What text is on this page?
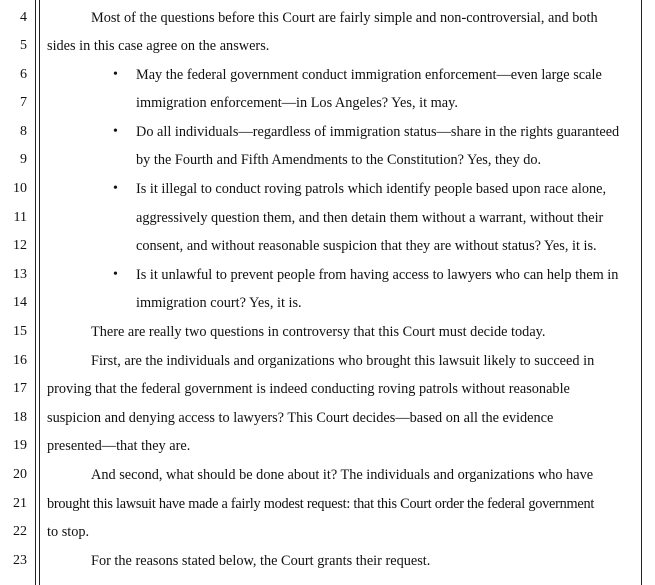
4
5
6
7
8
9
10
11
12
13
14
15
16
17
18
19
20
21
22
23
Most of the questions before this Court are fairly simple and non-controversial, and both
sides in this case agree on the answers.
• May the federal government conduct immigration enforcement—even large scale
immigration enforcement—in Los Angeles? Yes, it may.
• Do all individuals—regardless of immigration status—share in the rights guaranteed
by the Fourth and Fifth Amendments to the Constitution? Yes, they do.
• Is it illegal to conduct roving patrols which identify people based upon race alone,
aggressively question them, and then detain them without a warrant, without their
consent, and without reasonable suspicion that they are without status? Yes, it is.
• Is it unlawful to prevent people from having access to lawyers who can help them in
immigration court? Yes, it is.
There are really two questions in controversy that this Court must decide today.
First, are the individuals and organizations who brought this lawsuit likely to succeed in
proving that the federal government is indeed conducting roving patrols without reasonable
suspicion and denying access to lawyers? This Court decides—based on all the evidence
presented—that they are.
And second, what should be done about it? The individuals and organizations who have
brought this lawsuit have made a fairly modest request: that this Court order the federal government
to stop.
For the reasons stated below, the Court grants their request.
